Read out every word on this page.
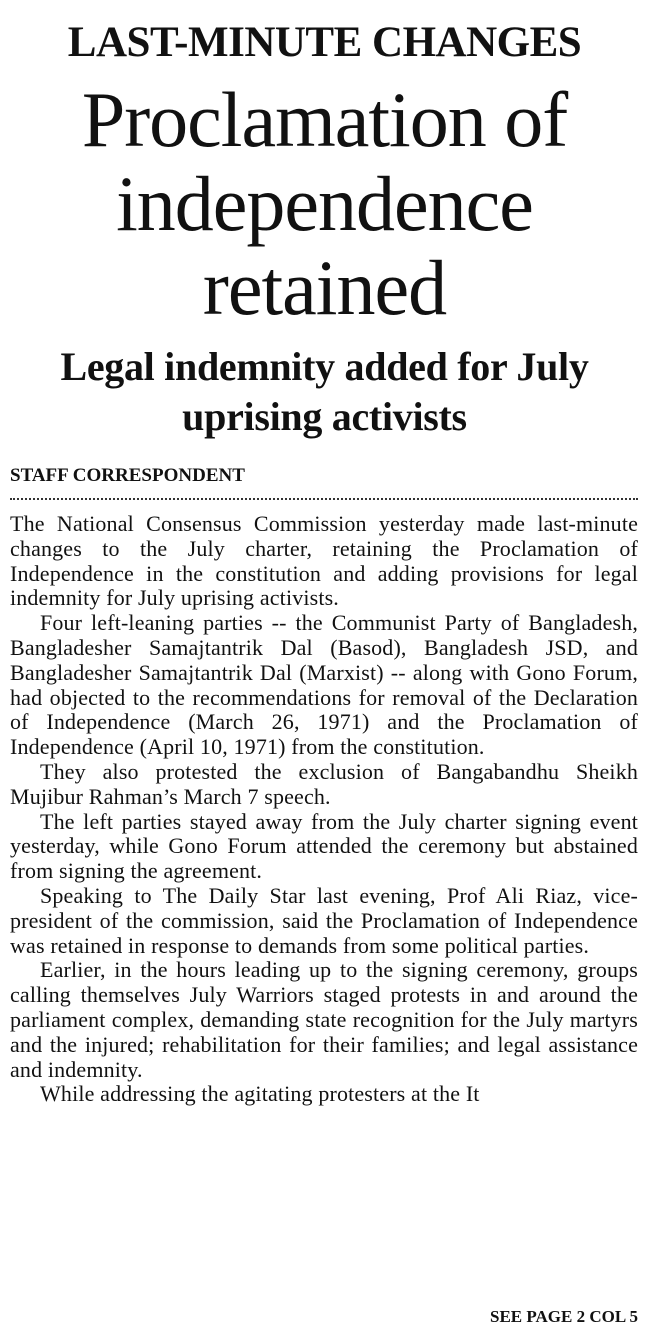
LAST-MINUTE CHANGES
Proclamation of independence retained
Legal indemnity added for July uprising activists
STAFF CORRESPONDENT

The National Consensus Commission yesterday made last-minute changes to the July charter, retaining the Proclamation of Independence in the constitution and adding provisions for legal indemnity for July uprising activists.

Four left-leaning parties -- the Communist Party of Bangladesh, Bangladesher Samajtantrik Dal (Basod), Bangladesh JSD, and Bangladesher Samajtantrik Dal (Marxist) -- along with Gono Forum, had objected to the recommendations for removal of the Declaration of Independence (March 26, 1971) and the Proclamation of Independence (April 10, 1971) from the constitution.

They also protested the exclusion of Bangabandhu Sheikh Mujibur Rahman’s March 7 speech.

The left parties stayed away from the July charter signing event yesterday, while Gono Forum attended the ceremony but abstained from signing the agreement.

Speaking to The Daily Star last evening, Prof Ali Riaz, vice-president of the commission, said the Proclamation of Independence was retained in response to demands from some political parties.

Earlier, in the hours leading up to the signing ceremony, groups calling themselves July Warriors staged protests in and around the parliament complex, demanding state recognition for the July martyrs and the injured; rehabilitation for their families; and legal assistance and indemnity.

While addressing the agitating protesters at the It

SEE PAGE 2 COL 5
